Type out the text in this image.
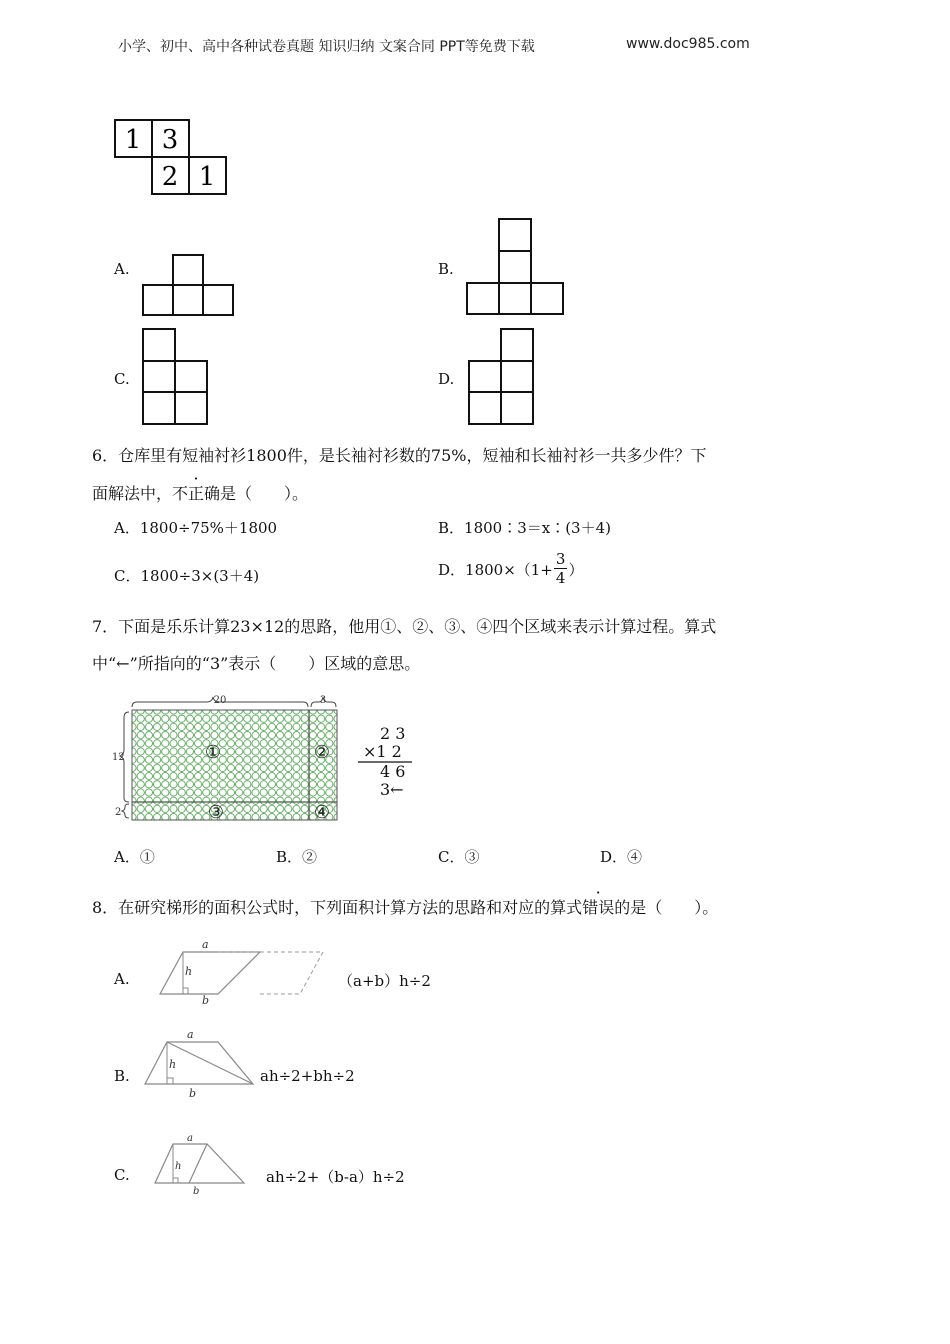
小学、初中、高中各种试卷真题 知识归纳 文案合同 PPT等免费下载	www.doc985.com
1 3
2 1
A.	B.
C.	D.
6．仓库里有短袖衬衫1800件，是长袖衬衫数的75%，短袖和长袖衬衫一共多少件？下
面解法中，不正确是（　　）。
A．1800÷75%＋1800	B．1800∶3＝x∶(3＋4)
C．1800÷3×(3＋4)	D．$1800\times(1+ \frac{3}{4}$ ）
7．下面是乐乐计算23×12的思路，他用①、②、③、④四个区域来表示计算过程。算式
中“←”所指向的“3”表示（　　）区域的意思。
20	3
12
2
①	②
③	④
2 3
×1 2
4 6
3←
A．①	B．②	C．③	D．④
8．在研究梯形的面积公式时，下列面积计算方法的思路和对应的算式错误的是（　　）。
A.
a
h
b
（a+b）h÷2
B.
a
h
b
ah÷2+bh÷2
C.
a
h
b
ah÷2+（b-a）h÷2
